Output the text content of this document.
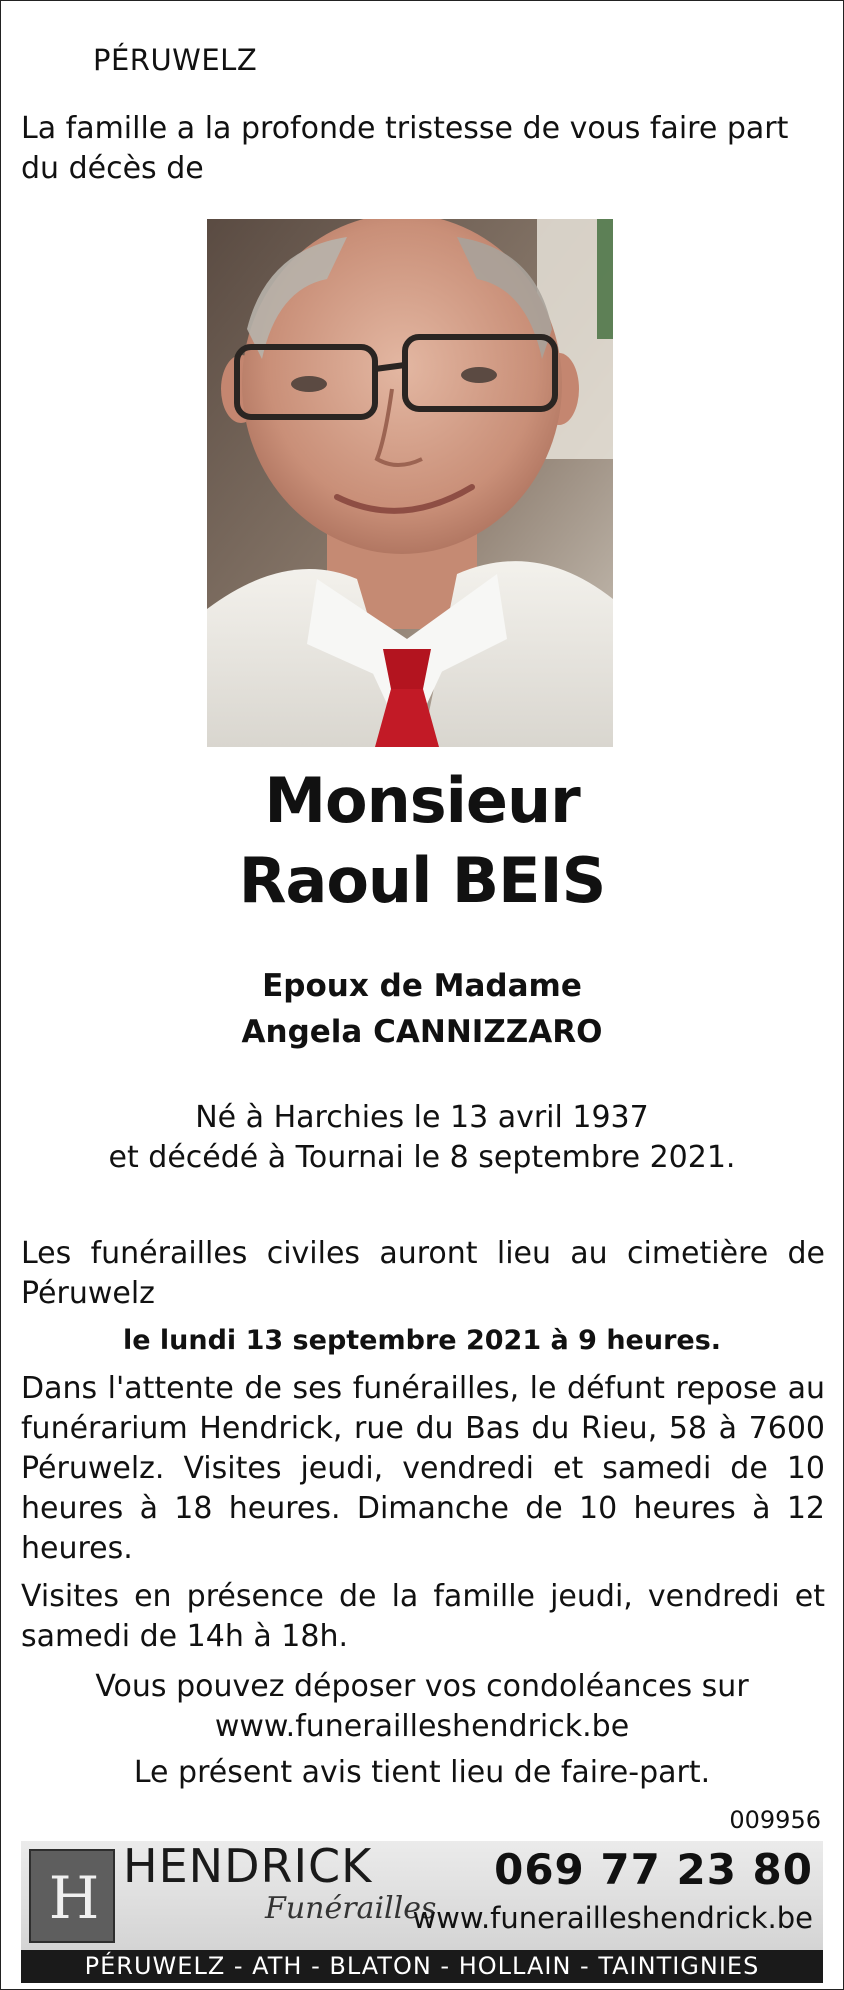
PÉRUWELZ
La famille a la profonde tristesse de vous faire part du décès de
Monsieur
Raoul BEIS
Epoux de Madame
Angela CANNIZZARO
Né à Harchies le 13 avril 1937
et décédé à Tournai le 8 septembre 2021.
Les funérailles civiles auront lieu au cimetière de Péruwelz
le lundi 13 septembre 2021 à 9 heures.
Dans l'attente de ses funérailles, le défunt repose au funérarium Hendrick, rue du Bas du Rieu, 58 à 7600 Péruwelz. Visites jeudi, vendredi et samedi de 10 heures à 18 heures. Dimanche de 10 heures à 12 heures.
Visites en présence de la famille jeudi, vendredi et samedi de 14h à 18h.
Vous pouvez déposer vos condoléances sur
www.funerailleshendrick.be
Le présent avis tient lieu de faire-part.
009956
H HENDRICK
Funérailles
069 77 23 80
www.funerailleshendrick.be
PÉRUWELZ - ATH - BLATON - HOLLAIN - TAINTIGNIES
